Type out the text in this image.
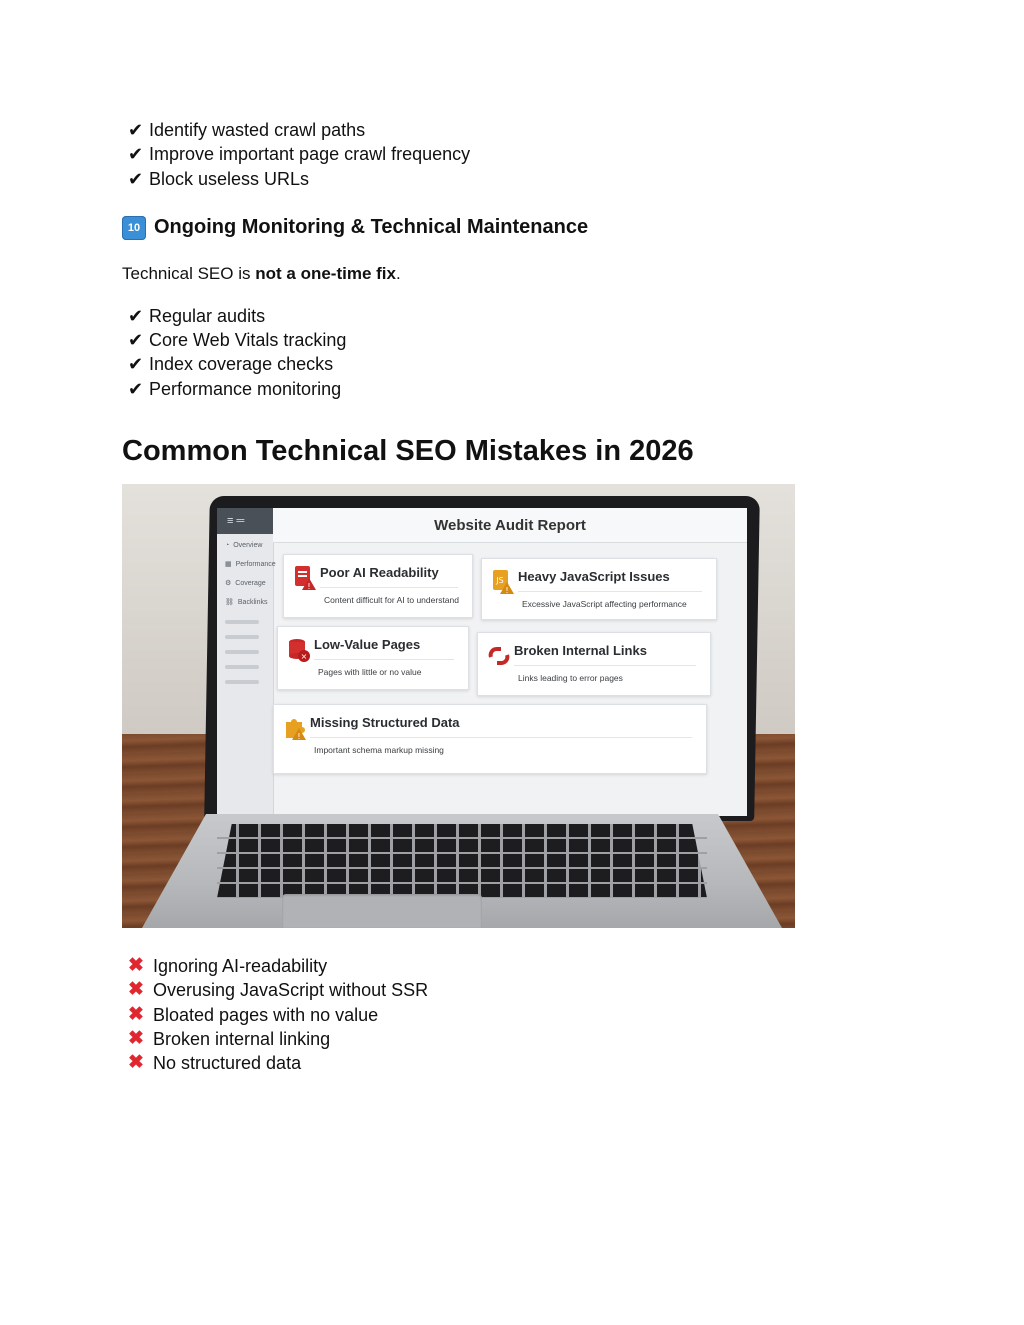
✔ Identify wasted crawl paths
✔ Improve important page crawl frequency
✔ Block useless URLs
10 Ongoing Monitoring & Technical Maintenance
Technical SEO is not a one-time fix.
✔ Regular audits
✔ Core Web Vitals tracking
✔ Index coverage checks
✔ Performance monitoring
Common Technical SEO Mistakes in 2026
≡ ═
◔ Overview
▦ Performance
⚙ Coverage
⛓ Backlinks
Website Audit Report
!
Poor AI Readability
Content difficult for AI to understand
JS
!
Heavy JavaScript Issues
Excessive JavaScript affecting performance
×
Low-Value Pages
Pages with little or no value
Broken Internal Links
Links leading to error pages
!
Missing Structured Data
Important schema markup missing
✖ Ignoring AI-readability
✖ Overusing JavaScript without SSR
✖ Bloated pages with no value
✖ Broken internal linking
✖ No structured data
